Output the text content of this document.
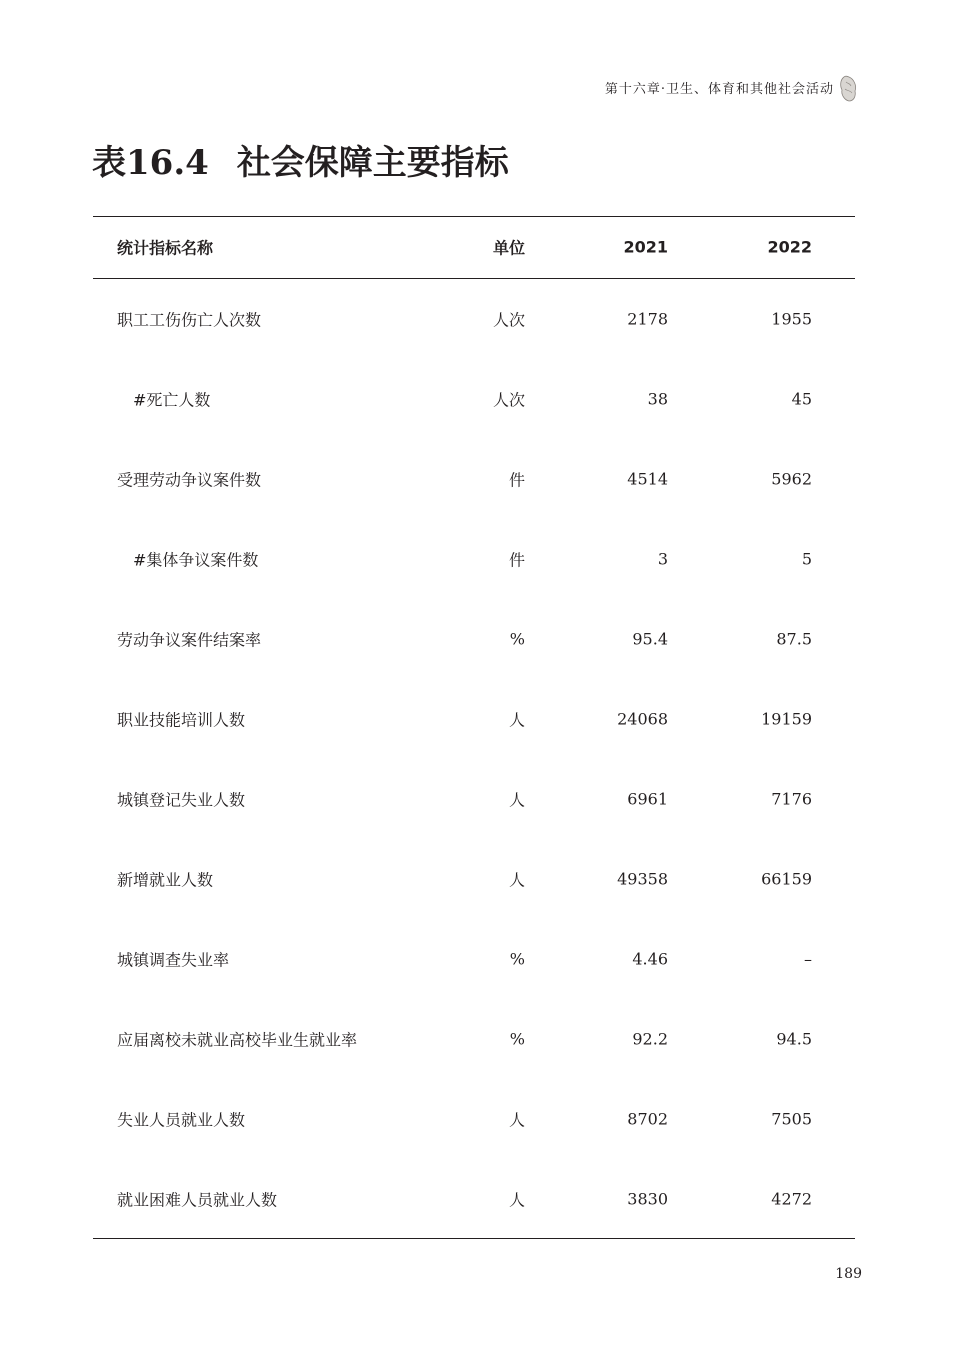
第十六章·卫生、体育和其他社会活动
表16.4 社会保障主要指标
统计指标名称	单位	2021	2022
职工工伤伤亡人次数	人次	2178	1955
#死亡人数	人次	38	45
受理劳动争议案件数	件	4514	5962
#集体争议案件数	件	3	5
劳动争议案件结案率	%	95.4	87.5
职业技能培训人数	人	24068	19159
城镇登记失业人数	人	6961	7176
新增就业人数	人	49358	66159
城镇调查失业率	%	4.46	–
应届离校未就业高校毕业生就业率	%	92.2	94.5
失业人员就业人数	人	8702	7505
就业困难人员就业人数	人	3830	4272
189
